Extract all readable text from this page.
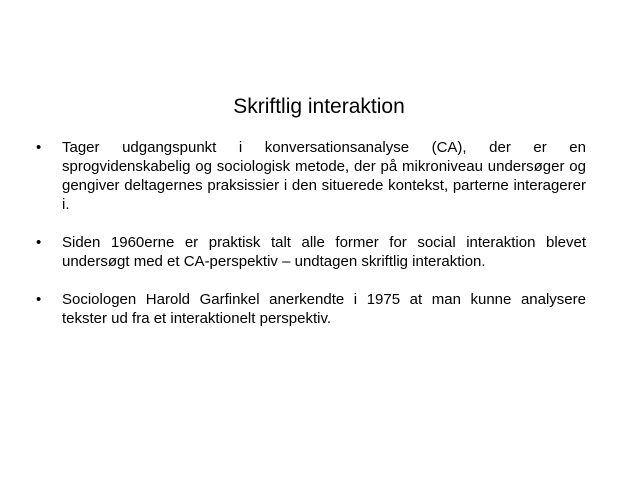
Skriftlig interaktion
•	Tager udgangspunkt i konversationsanalyse (CA), der er en sprogvidenskabelig og sociologisk metode, der på mikroniveau undersøger og gengiver deltagernes praksissier i den situerede kontekst, parterne interagerer i.
•	Siden 1960erne er praktisk talt alle former for social interaktion blevet undersøgt med et CA-perspektiv – undtagen skriftlig interaktion.
•	Sociologen Harold Garfinkel anerkendte i 1975 at man kunne analysere tekster ud fra et interaktionelt perspektiv.
